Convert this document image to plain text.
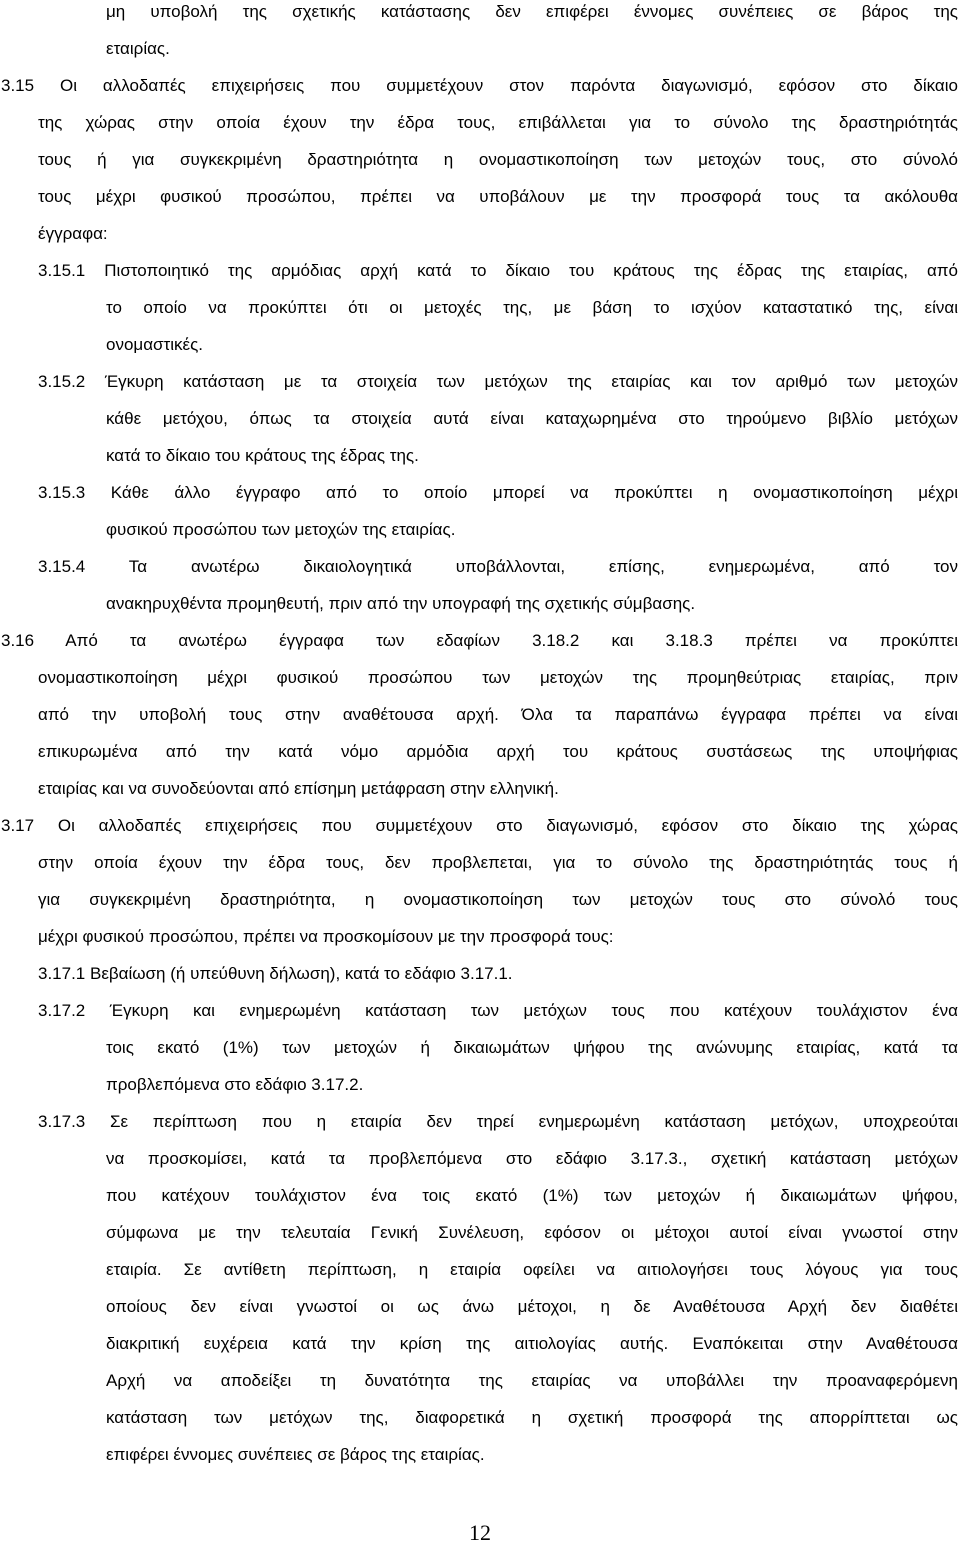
μη υποβολή της σχετικής κατάστασης δεν επιφέρει έννομες συνέπειες σε βάρος της
εταιρίας.
3.15 Οι αλλοδαπές επιχειρήσεις που συμμετέχουν στον παρόντα διαγωνισμό, εφόσον στο δίκαιο
της χώρας στην οποία έχουν την έδρα τους, επιβάλλεται για το σύνολο της δραστηριότητάς
τους ή για συγκεκριμένη δραστηριότητα η ονομαστικοποίηση των μετοχών τους, στο σύνολό
τους μέχρι φυσικού προσώπου, πρέπει να υποβάλουν με την προσφορά τους τα ακόλουθα
έγγραφα:
3.15.1 Πιστοποιητικό της αρμόδιας αρχή κατά το δίκαιο του κράτους της έδρας της εταιρίας, από
το οποίο να προκύπτει ότι οι μετοχές της, με βάση το ισχύον καταστατικό της, είναι
ονομαστικές.
3.15.2 Έγκυρη κατάσταση με τα στοιχεία των μετόχων της εταιρίας και τον αριθμό των μετοχών
κάθε μετόχου, όπως τα στοιχεία αυτά είναι καταχωρημένα στο τηρούμενο βιβλίο μετόχων
κατά το δίκαιο του κράτους της έδρας της.
3.15.3 Κάθε άλλο έγγραφο από το οποίο μπορεί να προκύπτει η ονομαστικοποίηση μέχρι
φυσικού προσώπου των μετοχών της εταιρίας.
3.15.4 Τα ανωτέρω δικαιολογητικά υποβάλλονται, επίσης, ενημερωμένα, από τον
ανακηρυχθέντα προμηθευτή, πριν από την υπογραφή της σχετικής σύμβασης.
3.16 Από τα ανωτέρω έγγραφα των εδαφίων 3.18.2 και 3.18.3 πρέπει να προκύπτει
ονομαστικοποίηση μέχρι φυσικού προσώπου των μετοχών της προμηθεύτριας εταιρίας, πριν
από την υποβολή τους στην αναθέτουσα αρχή. Όλα τα παραπάνω έγγραφα πρέπει να είναι
επικυρωμένα από την κατά νόμο αρμόδια αρχή του κράτους συστάσεως της υποψήφιας
εταιρίας και να συνοδεύονται από επίσημη μετάφραση στην ελληνική.
3.17 Οι αλλοδαπές επιχειρήσεις που συμμετέχουν στο διαγωνισμό, εφόσον στο δίκαιο της χώρας
στην οποία έχουν την έδρα τους, δεν προβλεπεται, για το σύνολο της δραστηριότητάς τους ή
για συγκεκριμένη δραστηριότητα, η ονομαστικοποίηση των μετοχών τους στο σύνολό τους
μέχρι φυσικού προσώπου, πρέπει να προσκομίσουν με την προσφορά τους:
3.17.1 Βεβαίωση (ή υπεύθυνη δήλωση), κατά το εδάφιο 3.17.1.
3.17.2 Έγκυρη και ενημερωμένη κατάσταση των μετόχων τους που κατέχουν τουλάχιστον ένα
τοις εκατό (1%) των μετοχών ή δικαιωμάτων ψήφου της ανώνυμης εταιρίας, κατά τα
προβλεπόμενα στο εδάφιο 3.17.2.
3.17.3 Σε περίπτωση που η εταιρία δεν τηρεί ενημερωμένη κατάσταση μετόχων, υποχρεούται
να προσκομίσει, κατά τα προβλεπόμενα στο εδάφιο 3.17.3., σχετική κατάσταση μετόχων
που κατέχουν τουλάχιστον ένα τοις εκατό (1%) των μετοχών ή δικαιωμάτων ψήφου,
σύμφωνα με την τελευταία Γενική Συνέλευση, εφόσον οι μέτοχοι αυτοί είναι γνωστοί στην
εταιρία. Σε αντίθετη περίπτωση, η εταιρία οφείλει να αιτιολογήσει τους λόγους για τους
οποίους δεν είναι γνωστοί οι ως άνω μέτοχοι, η δε Αναθέτουσα Αρχή δεν διαθέτει
διακριτική ευχέρεια κατά την κρίση της αιτιολογίας αυτής. Εναπόκειται στην Αναθέτουσα
Αρχή να αποδείξει τη δυνατότητα της εταιρίας να υποβάλλει την προαναφερόμενη
κατάσταση των μετόχων της, διαφορετικά η σχετική προσφορά της απορρίπτεται ως
επιφέρει έννομες συνέπειες σε βάρος της εταιρίας.
12
